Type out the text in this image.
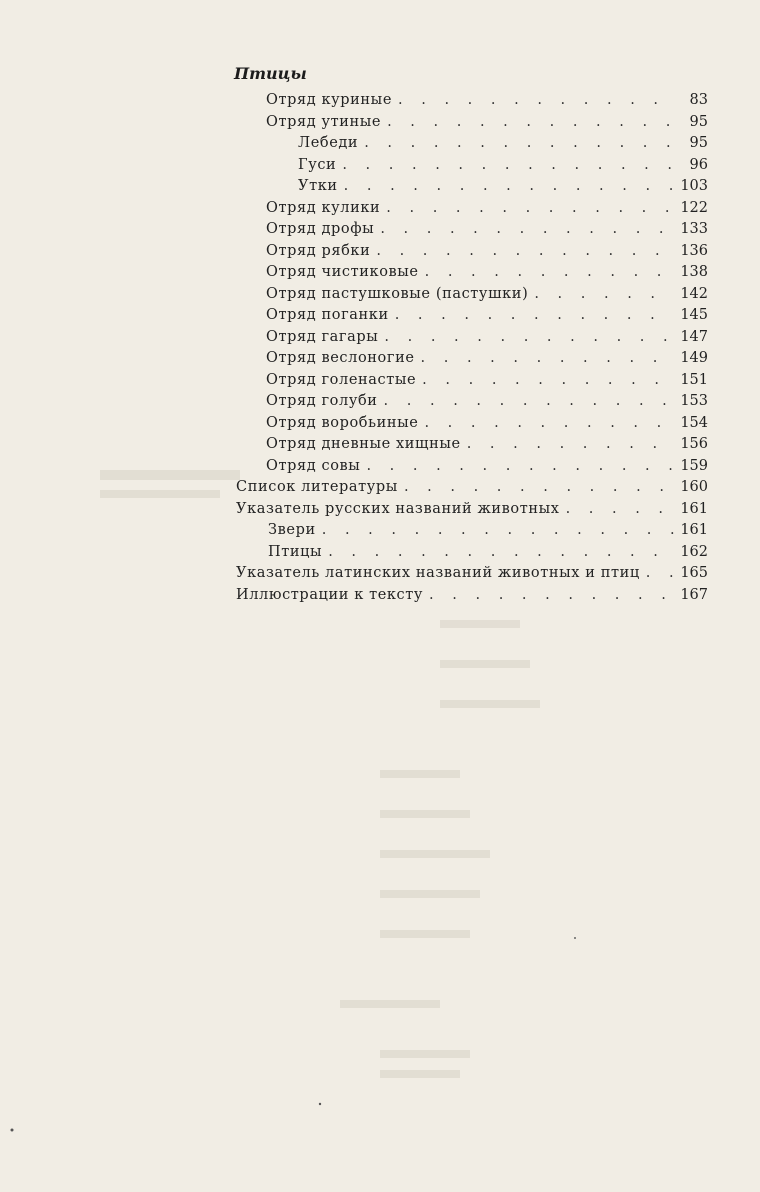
Птицы
Отряд куриные . . .	83
Отряд утиные . . .	95
Лебеди . . .	95
Гуси . . .	96
Утки . . .	103
Отряд кулики . . .	122
Отряд дрофы . . .	133
Отряд рябки . . .	136
Отряд чистиковые . . .	138
Отряд пастушковые (пастушки) . . .	142
Отряд поганки . . .	145
Отряд гагары . . .	147
Отряд веслоногие . . .	149
Отряд голенастые . . .	151
Отряд голуби . . .	153
Отряд воробьиные . . .	154
Отряд дневные хищные . . .	156
Отряд совы . . .	159
Список литературы . . .	160
Указатель русских названий животных . . .	161
Звери . . .	161
Птицы . . .	162
Указатель латинских названий животных и птиц . . .	165
Иллюстрации к тексту . . .	167
